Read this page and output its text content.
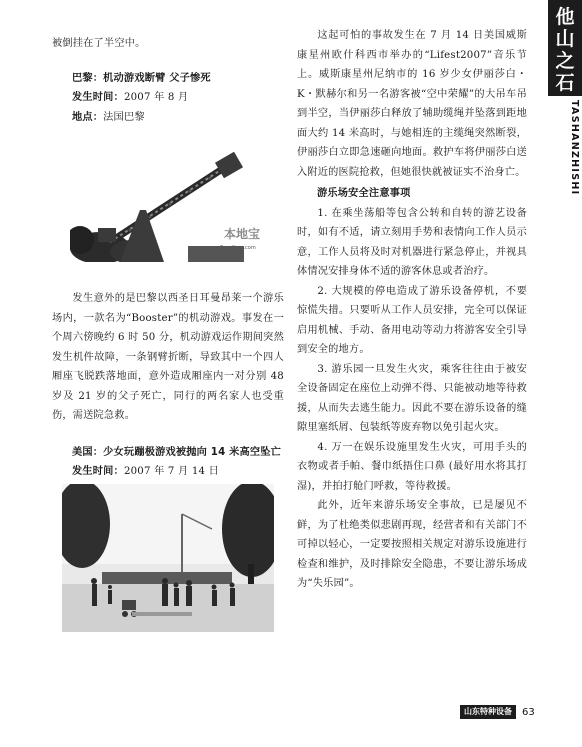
他山之石
TASHANZHISHI

被倒挂在了半空中。

巴黎：机动游戏断臂 父子惨死

发生时间：2007 年 8 月

地点：法国巴黎

发生意外的是巴黎以西圣日耳曼昂莱一个游乐场内，一款名为“Booster”的机动游戏。事发在一个周六傍晚约 6 时 50 分，机动游戏运作期间突然发生机件故障，一条钢臂折断，导致其中一个四人厢座飞脱跌落地面，意外造成厢座内一对分别 48 岁及 21 岁的父子死亡，同行的两名家人也受重伤，需送院急救。

美国：少女玩蹦极游戏被抛向 14 米高空坠亡

发生时间：2007 年 7 月 14 日

本地宝
Bendibao.com

这起可怕的事故发生在 7 月 14 日美国威斯康星州欧什科西市举办的“Lifest2007”音乐节上。威斯康星州尼纳市的 16 岁少女伊丽莎白・K・默赫尔和另一名游客被“空中荣耀”的大吊车吊到半空，当伊丽莎白释放了辅助缆绳并坠落到距地面大约 14 米高时，与她相连的主缆绳突然断裂，伊丽莎白立即急速砸向地面。救护车将伊丽莎白送入附近的医院抢救，但她很快就被证实不治身亡。

游乐场安全注意事项

1. 在乘坐荡船等包含公转和自转的游艺设备时，如有不适，请立刻用手势和表情向工作人员示意，工作人员将及时对机器进行紧急停止，并视具体情况安排身体不适的游客休息或者治疗。

2. 大规模的停电造成了游乐设备停机，不要惊慌失措。只要听从工作人员安排，完全可以保证启用机械、手动、备用电动等动力将游客安全引导到安全的地方。

3. 游乐园一旦发生火灾，乘客往往由于被安全设备固定在座位上动弹不得、只能被动地等待救援，从而失去逃生能力。因此不要在游乐设备的缝隙里塞纸屑、包装纸等废弃物以免引起火灾。

4. 万一在娱乐设施里发生火灾，可用手头的衣物或者手帕、餐巾纸捂住口鼻 (最好用水将其打湿)，并拍打舱门呼救，等待救援。

此外，近年来游乐场安全事故，已是屡见不鲜，为了杜绝类似悲剧再现，经营者和有关部门不可掉以轻心，一定要按照相关规定对游乐设施进行检查和维护，及时排除安全隐患，不要让游乐场成为“失乐园”。

山东特种设备	63
